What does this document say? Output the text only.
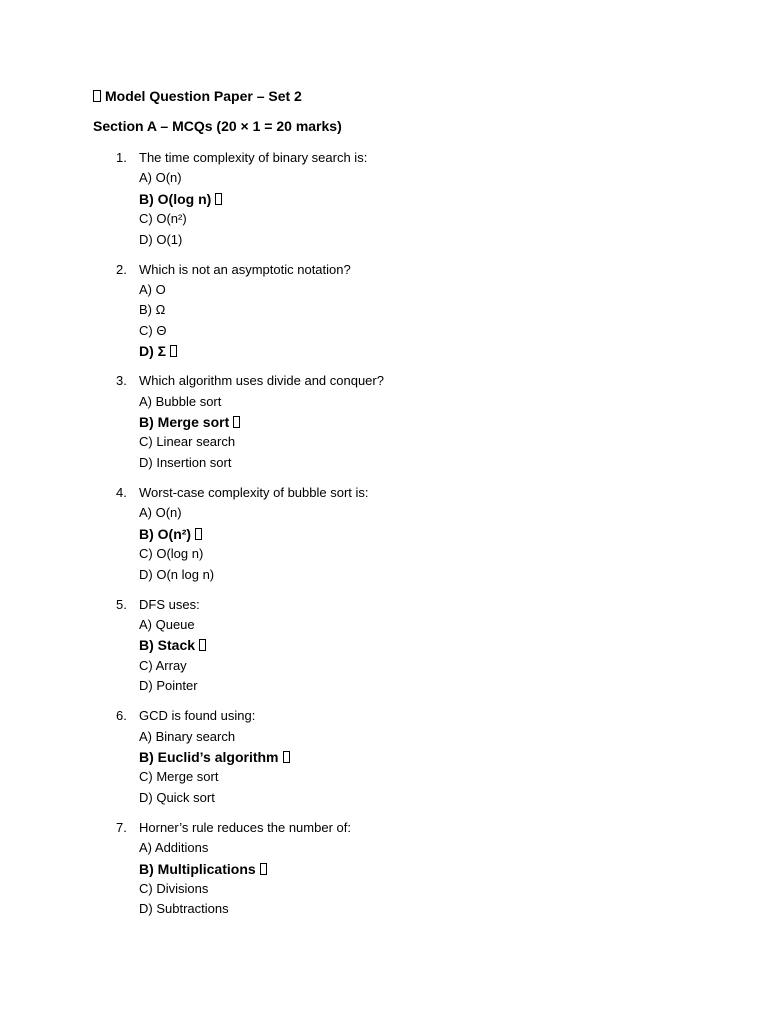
Model Question Paper – Set 2
Section A – MCQs (20 × 1 = 20 marks)
1. The time complexity of binary search is:
A) O(n)
B) O(log n)
C) O(n²)
D) O(1)
2. Which is not an asymptotic notation?
A) O
B) Ω
C) Θ
D) Σ
3. Which algorithm uses divide and conquer?
A) Bubble sort
B) Merge sort
C) Linear search
D) Insertion sort
4. Worst-case complexity of bubble sort is:
A) O(n)
B) O(n²)
C) O(log n)
D) O(n log n)
5. DFS uses:
A) Queue
B) Stack
C) Array
D) Pointer
6. GCD is found using:
A) Binary search
B) Euclid’s algorithm
C) Merge sort
D) Quick sort
7. Horner’s rule reduces the number of:
A) Additions
B) Multiplications
C) Divisions
D) Subtractions
